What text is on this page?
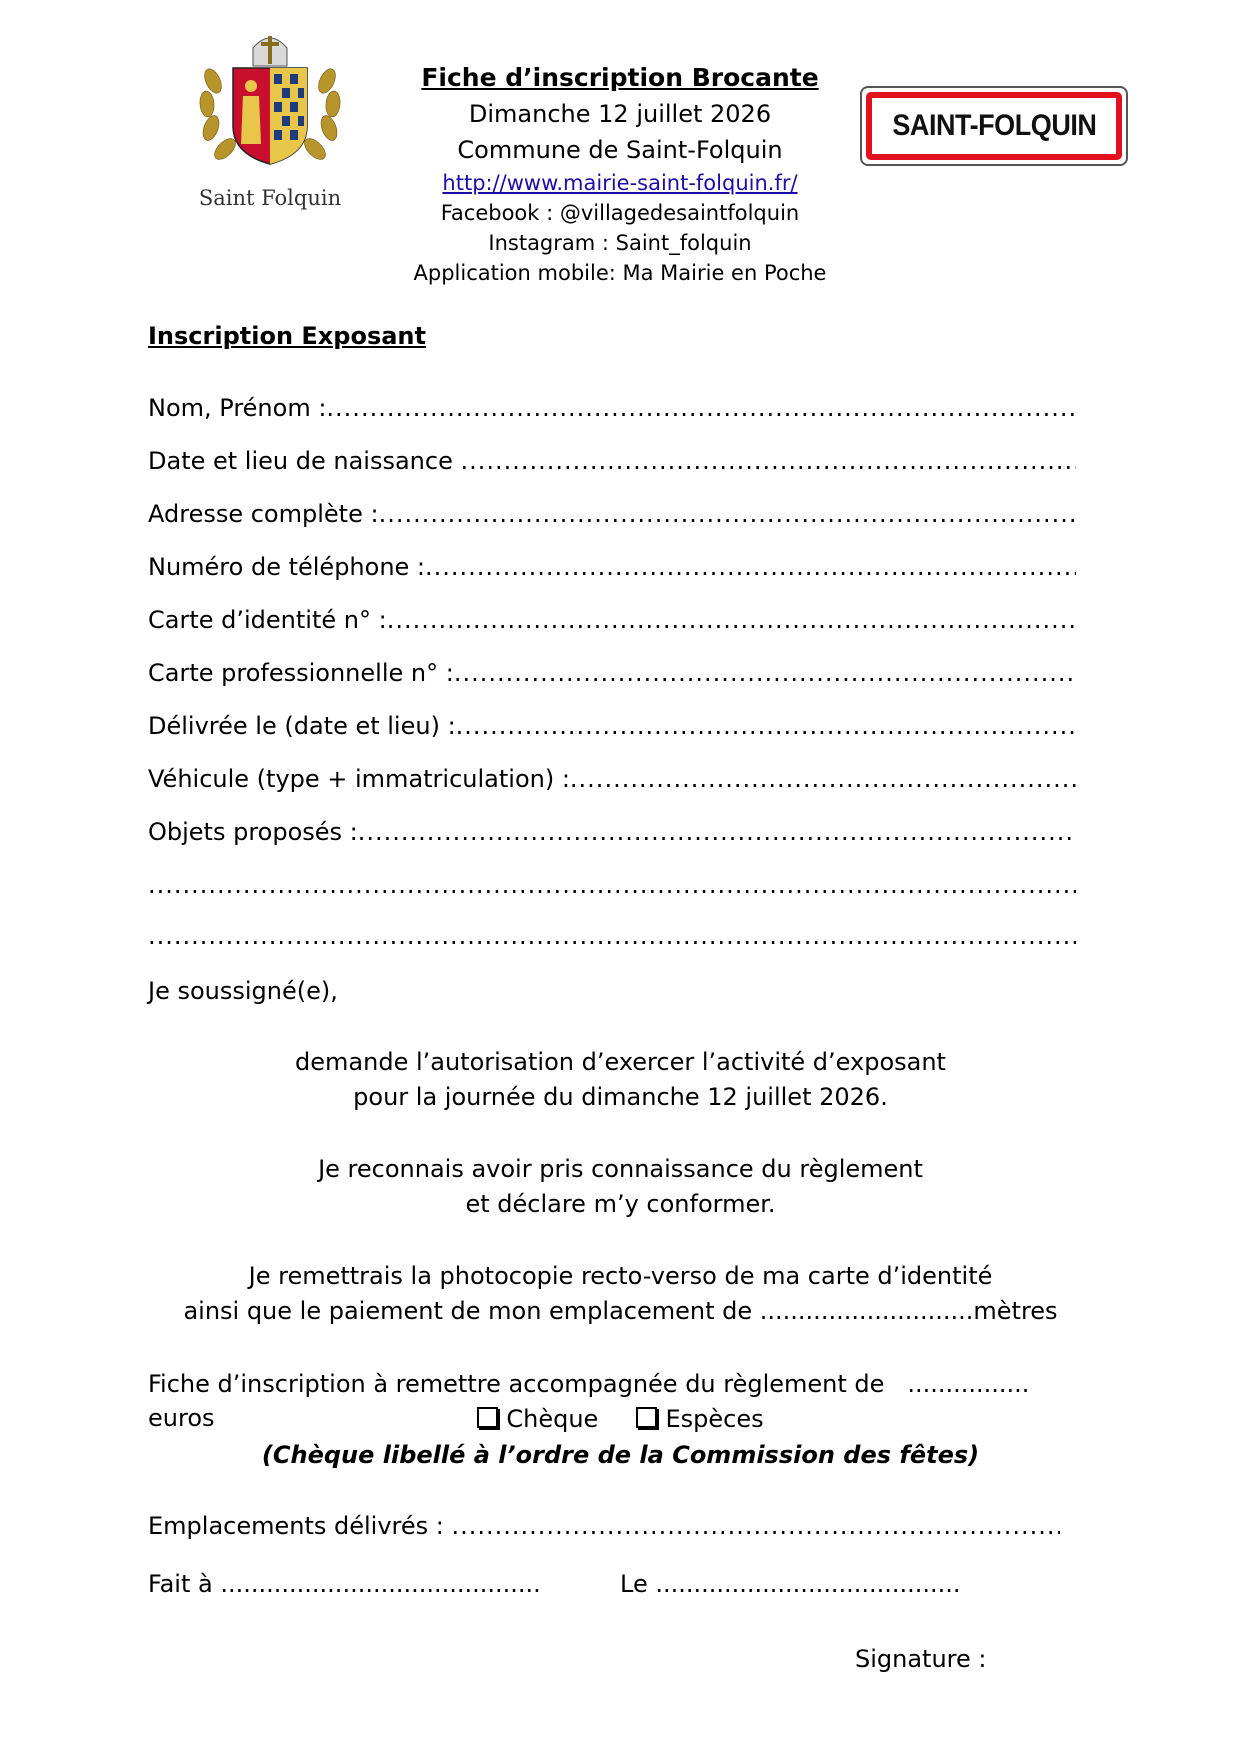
Saint Folquin
Fiche d’inscription Brocante
Dimanche 12 juillet 2026
Commune de Saint-Folquin
http://www.mairie-saint-folquin.fr/
Facebook : @villagedesaintfolquin
Instagram : Saint_folquin
Application mobile: Ma Mairie en Poche
SAINT-FOLQUIN
Inscription Exposant
Nom, Prénom :
.....
Date et lieu de naissance

.....
Adresse complète :
.....
Numéro de téléphone :
.....
Carte d’identité n° :
.....
Carte professionnelle n° :
.....
Délivrée le (date et lieu) :
.....
Véhicule (type + immatriculation) :
.....
Objets proposés :
.....
.....
.....
Je soussigné(e),
demande l’autorisation d’exercer l’activité d’exposant
pour la journée du dimanche 12 juillet 2026.
Je reconnais avoir pris connaissance du règlement
et déclare m’y conformer.
Je remettrais la photocopie recto-verso de ma carte d’identité
ainsi que le paiement de mon emplacement de ............................mètres
Fiche d’inscription à remettre accompagnée du règlement de ................   euros	Chèque	Espèces
(Chèque libellé à l’ordre de la Commission des fêtes)
Emplacements délivrés :

.....
Fait à ..........................................	Le ........................................
Signature :
